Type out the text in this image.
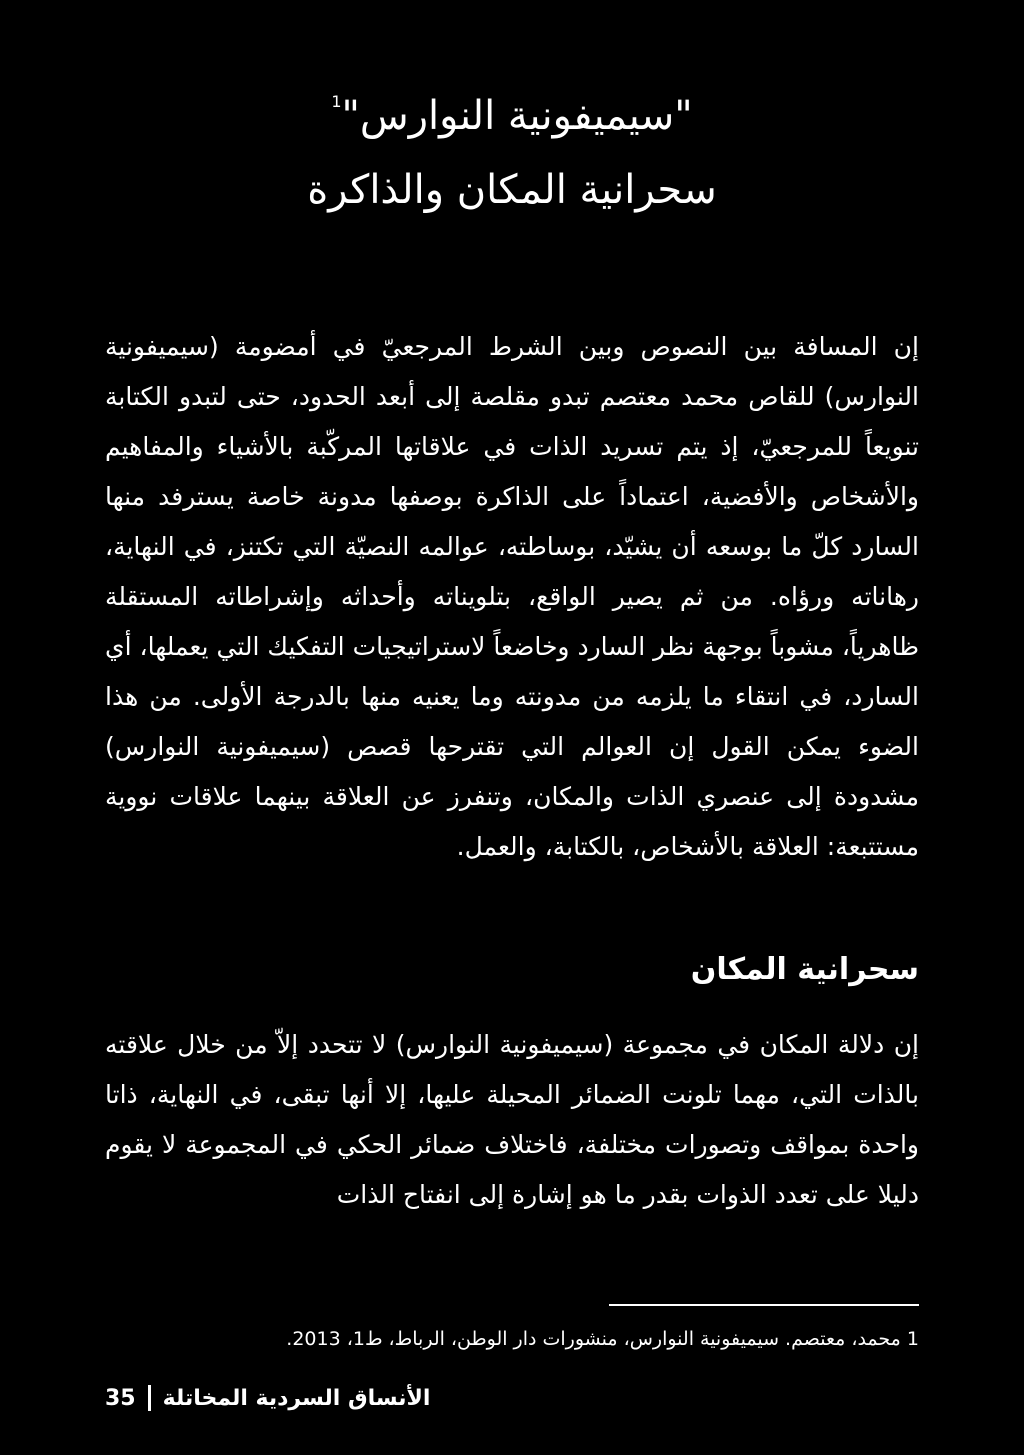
"سيميفونية النوارس"$^1$
سحرانية المكان والذاكرة

إن المسافة بين النصوص وبين الشرط المرجعيّ في أمضومة (سيميفونية النوارس) للقاص محمد معتصم تبدو مقلصة إلى أبعد الحدود، حتى لتبدو الكتابة تنويعاً للمرجعيّ، إذ يتم تسريد الذات في علاقاتها المركّبة بالأشياء والمفاهيم والأشخاص والأفضية، اعتماداً على الذاكرة بوصفها مدونة خاصة يسترفد منها السارد كلّ ما بوسعه أن يشيّد، بوساطته، عوالمه النصيّة التي تكتنز، في النهاية، رهاناته ورؤاه. من ثم يصير الواقع، بتلويناته وأحداثه وإشراطاته المستقلة ظاهرياً، مشوباً بوجهة نظر السارد وخاضعاً لاستراتيجيات التفكيك التي يعملها، أي السارد، في انتقاء ما يلزمه من مدونته وما يعنيه منها بالدرجة الأولى. من هذا الضوء يمكن القول إن العوالم التي تقترحها قصص (سيميفونية النوارس) مشدودة إلى عنصري الذات والمكان، وتنفرز عن العلاقة بينهما علاقات نووية مستتبعة: العلاقة بالأشخاص، بالكتابة، والعمل.

سحرانية المكان

إن دلالة المكان في مجموعة (سيميفونية النوارس) لا تتحدد إلاّ من خلال علاقته بالذات التي، مهما تلونت الضمائر المحيلة عليها، إلا أنها تبقى، في النهاية، ذاتا واحدة بمواقف وتصورات مختلفة، فاختلاف ضمائر الحكي في المجموعة لا يقوم دليلا على تعدد الذوات بقدر ما هو إشارة إلى انفتاح الذات

1 محمد، معتصم. سيميفونية النوارس، منشورات دار الوطن، الرباط، ط1، 2013.

35 الأنساق السردية المخاتلة
